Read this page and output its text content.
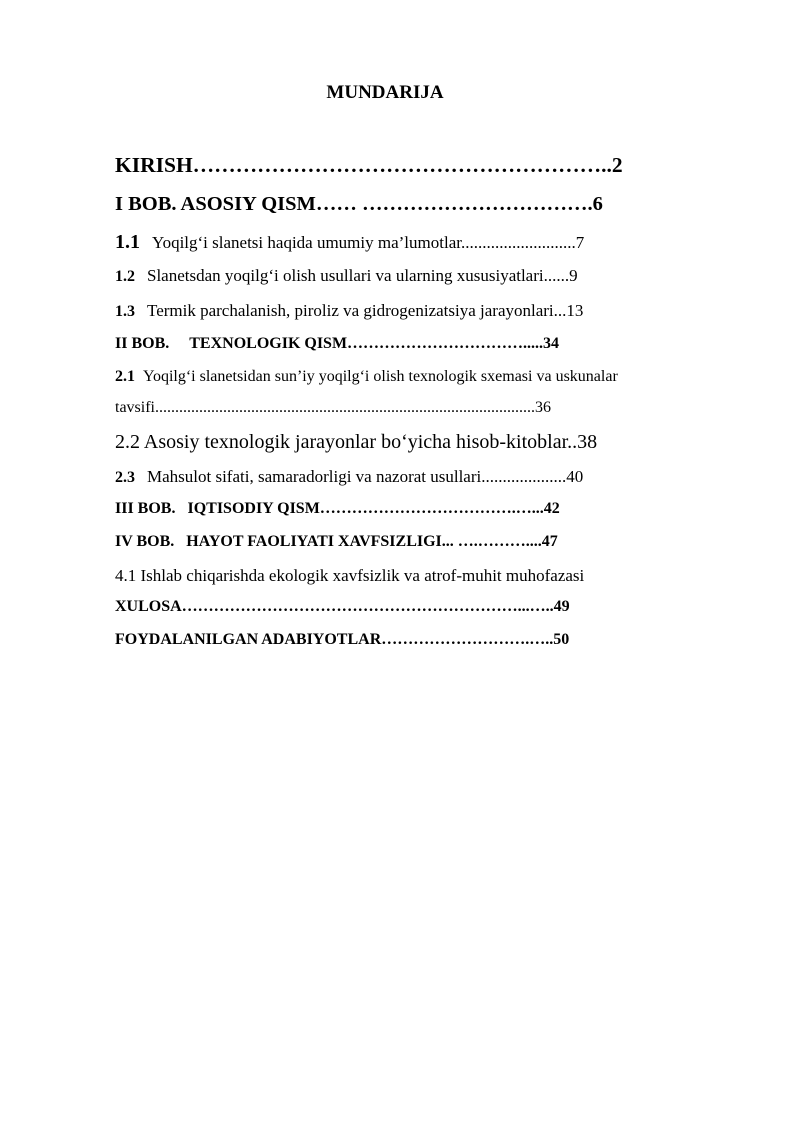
MUNDARIJA
KIRISH…………………………………………………..2
I BOB. ASOSIY QISM…… …………………………….6
1.1 Yoqilg‘i slanetsi haqida umumiy ma’lumotlar...........................7
1.2 Slanetsdan yoqilg‘i olish usullari va ularning xususiyatlari......9
1.3 Termik parchalanish, piroliz va gidrogenizatsiya jarayonlari...13
II BOB. TEXNOLOGIK QISM…………………………….....34
2.1 Yoqilg‘i slanetsidan sun’iy yoqilg‘i olish texnologik sxemasi va uskunalar
tavsifi...............................................................................................36
2.2 Asosiy texnologik jarayonlar bo‘yicha hisob-kitoblar..38
2.3 Mahsulot sifati, samaradorligi va nazorat usullari....................40
III BOB. IQTISODIY QISM……………………………….…...42
IV BOB. HAYOT FAOLIYATI XAVFSIZLIGI... ….………....47
4.1 Ishlab chiqarishda ekologik xavfsizlik va atrof-muhit muhofazasi
XULOSA………………………………………………………...…..49
FOYDALANILGAN ADABIYOTLAR……………………….…..50
